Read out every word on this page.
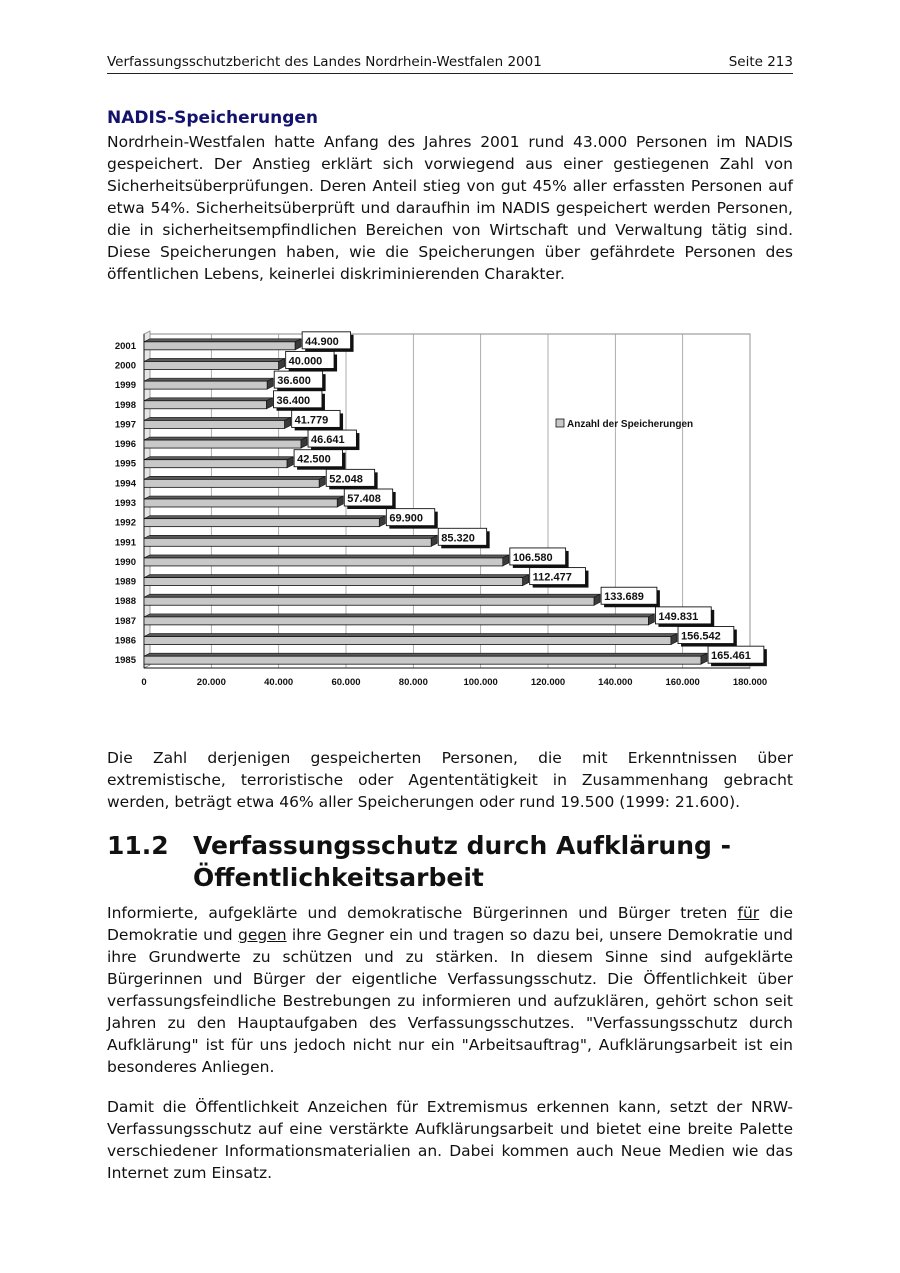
Verfassungsschutzbericht des Landes Nordrhein-Westfalen 2001	Seite 213
NADIS-Speicherungen

Nordrhein-Westfalen hatte Anfang des Jahres 2001 rund 43.000 Personen im NADIS gespeichert. Der Anstieg erklärt sich vorwiegend aus einer gestiegenen Zahl von Sicherheitsüberprüfungen. Deren Anteil stieg von gut 45% aller erfassten Personen auf etwa 54%. Sicherheitsüberprüft und daraufhin im NADIS gespeichert werden Personen, die in sicherheitsempfindlichen Bereichen von Wirtschaft und Verwaltung tätig sind. Diese Speicherungen haben, wie die Speicherungen über gefährdete Personen des öffentlichen Lebens, keinerlei diskriminierenden Charakter.

2001
2000
1999
1998
1997
1996
1995
1994
1993
1992
1991
1990
1989
1988
1987
1986
1985
0	20.000	40.000	60.000	80.000	100.000	120.000	140.000	160.000	180.000
44.900
40.000
36.600
36.400
41.779
46.641
42.500
52.048
57.408
69.900
85.320
106.580
112.477
133.689
149.831
156.542
165.461
Anzahl der Speicherungen

Die Zahl derjenigen gespeicherten Personen, die mit Erkenntnissen über extremistische, terroristische oder Agententätigkeit in Zusammenhang gebracht werden, beträgt etwa 46% aller Speicherungen oder rund 19.500 (1999: 21.600).

11.2 Verfassungsschutz durch Aufklärung - Öffentlichkeitsarbeit

Informierte, aufgeklärte und demokratische Bürgerinnen und Bürger treten für die Demokratie und gegen ihre Gegner ein und tragen so dazu bei, unsere Demokratie und ihre Grundwerte zu schützen und zu stärken. In diesem Sinne sind aufgeklärte Bürgerinnen und Bürger der eigentliche Verfassungsschutz. Die Öffentlichkeit über verfassungsfeindliche Bestrebungen zu informieren und aufzuklären, gehört schon seit Jahren zu den Hauptaufgaben des Verfassungsschutzes. "Verfassungsschutz durch Aufklärung" ist für uns jedoch nicht nur ein "Arbeitsauftrag", Aufklärungsarbeit ist ein besonderes Anliegen.

Damit die Öffentlichkeit Anzeichen für Extremismus erkennen kann, setzt der NRW-Verfassungsschutz auf eine verstärkte Aufklärungsarbeit und bietet eine breite Palette verschiedener Informationsmaterialien an. Dabei kommen auch Neue Medien wie das Internet zum Einsatz.
